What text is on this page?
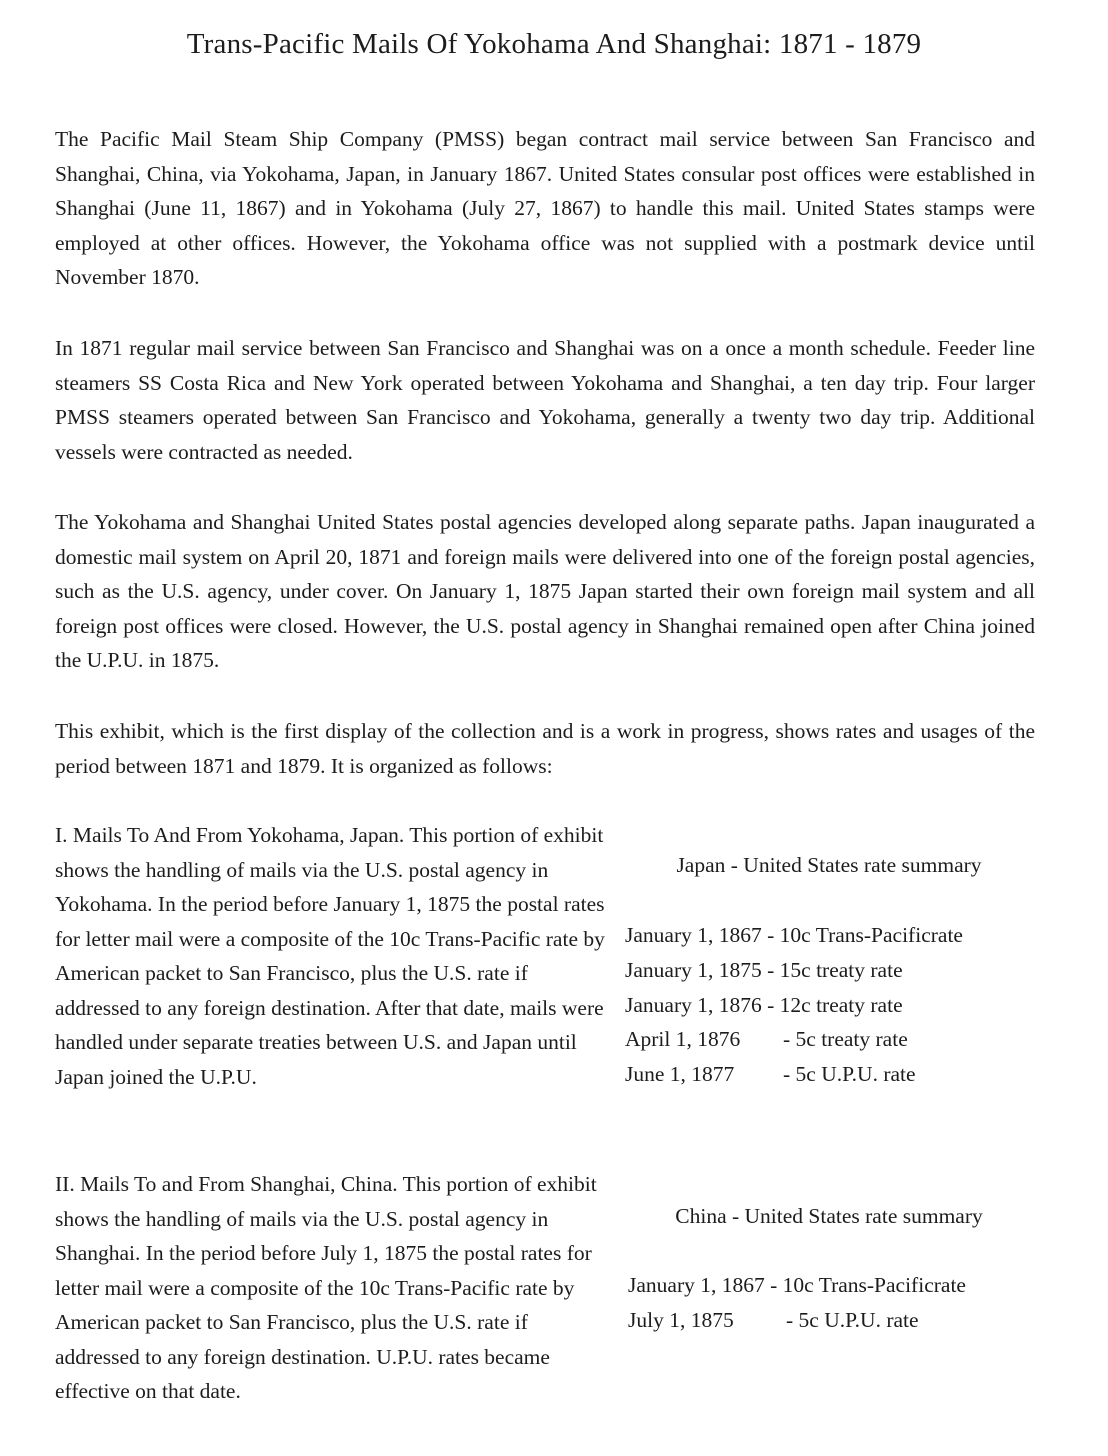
Trans-Pacific Mails Of Yokohama And Shanghai: 1871 - 1879

The Pacific Mail Steam Ship Company (PMSS) began contract mail service between San Francisco and Shanghai, China, via Yokohama, Japan, in January 1867. United States consular post offices were established in Shanghai (June 11, 1867) and in Yokohama (July 27, 1867) to handle this mail. United States stamps were employed at other offices. However, the Yokohama office was not supplied with a postmark device until November 1870.

In 1871 regular mail service between San Francisco and Shanghai was on a once a month schedule. Feeder line steamers SS Costa Rica and New York operated between Yokohama and Shanghai, a ten day trip. Four larger PMSS steamers operated between San Francisco and Yokohama, generally a twenty two day trip. Additional vessels were contracted as needed.

The Yokohama and Shanghai United States postal agencies developed along separate paths. Japan inaugurated a domestic mail system on April 20, 1871 and foreign mails were delivered into one of the foreign postal agencies, such as the U.S. agency, under cover. On January 1, 1875 Japan started their own foreign mail system and all foreign post offices were closed. However, the U.S. postal agency in Shanghai remained open after China joined the U.P.U. in 1875.

This exhibit, which is the first display of the collection and is a work in progress, shows rates and usages of the period between 1871 and 1879. It is organized as follows:

I. Mails To And From Yokohama, Japan. This portion of exhibit shows the handling of mails via the U.S. postal agency in Yokohama. In the period before January 1, 1875 the postal rates for letter mail were a composite of the 10c Trans-Pacific rate by American packet to San Francisco, plus the U.S. rate if addressed to any foreign destination. After that date, mails were handled under separate treaties between U.S. and Japan until Japan joined the U.P.U.

Japan - United States rate summary
January 1, 1867 - 10c Trans-Pacificrate
January 1, 1875 - 15c treaty rate
January 1, 1876 - 12c treaty rate
April 1, 1876	- 5c treaty rate
June 1, 1877	- 5c U.P.U. rate

II. Mails To and From Shanghai, China. This portion of exhibit shows the handling of mails via the U.S. postal agency in Shanghai. In the period before July 1, 1875 the postal rates for letter mail were a composite of the 10c Trans-Pacific rate by American packet to San Francisco, plus the U.S. rate if addressed to any foreign destination. U.P.U. rates became effective on that date.

China - United States rate summary
January 1, 1867 - 10c Trans-Pacificrate
July 1, 1875	- 5c U.P.U. rate
